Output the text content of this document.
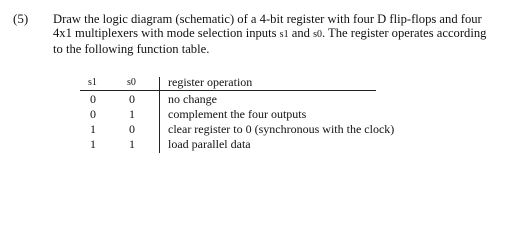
(5) Draw the logic diagram (schematic) of a 4-bit register with four D flip-flops and four
4x1 multiplexers with mode selection inputs s1 and s0. The register operates according
to the following function table.
s1	s0	register operation
0	0	no change
0	1	complement the four outputs
1	0	clear register to 0 (synchronous with the clock)
1	1	load parallel data
